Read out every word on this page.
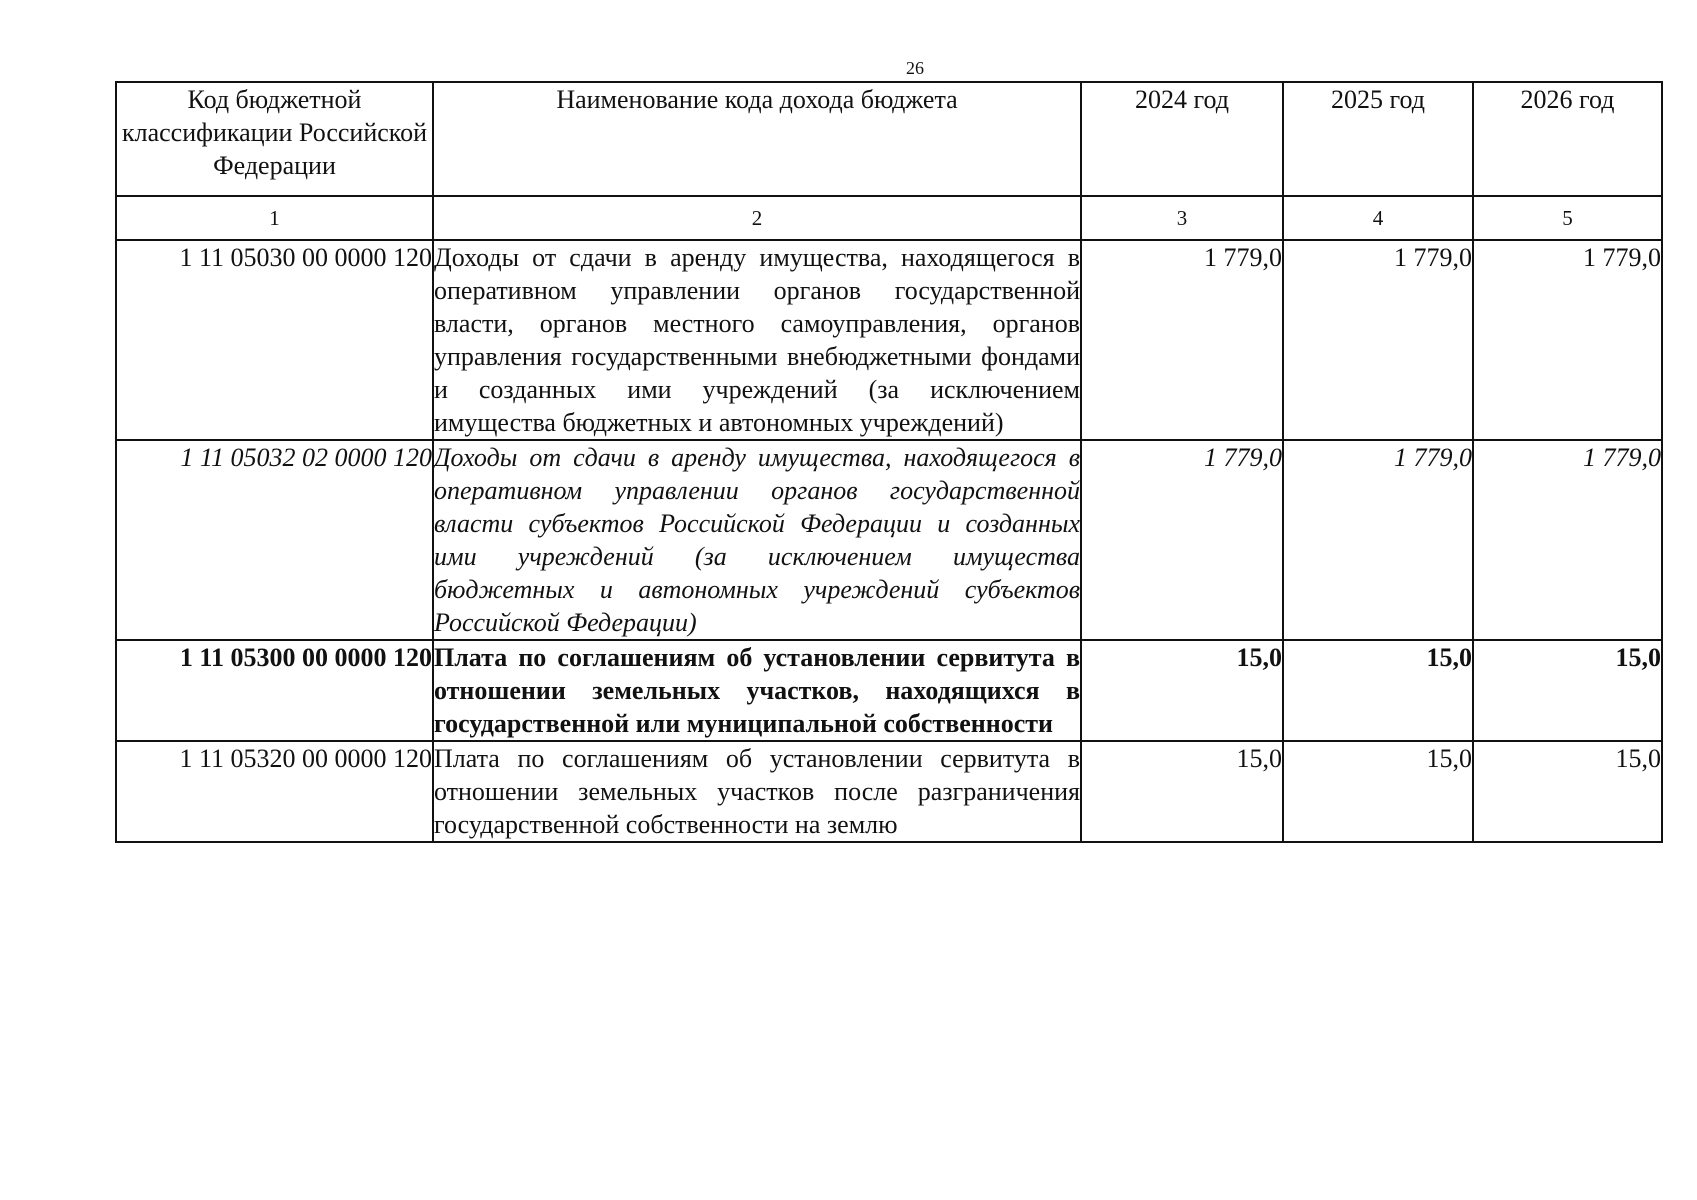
26
Код бюджетной классификации Российской Федерации	Наименование кода дохода бюджета	2024 год	2025 год	2026 год
1	2	3	4	5
1 11 05030 00 0000 120	Доходы от сдачи в аренду имущества, находящегося в оперативном управлении органов государственной власти, органов местного самоуправления, органов управления государственными внебюджетными фондами и созданных ими учреждений (за исключением имущества бюджетных и автономных учреждений)	1 779,0	1 779,0	1 779,0
1 11 05032 02 0000 120	Доходы от сдачи в аренду имущества, находящегося в оперативном управлении органов государственной власти субъектов Российской Федерации и созданных ими учреждений (за исключением имущества бюджетных и автономных учреждений субъектов Российской Федерации)	1 779,0	1 779,0	1 779,0
1 11 05300 00 0000 120	Плата по соглашениям об установлении сервитута в отношении земельных участков, находящихся в государственной или муниципальной собственности	15,0	15,0	15,0
1 11 05320 00 0000 120	Плата по соглашениям об установлении сервитута в отношении земельных участков после разграничения государственной собственности на землю	15,0	15,0	15,0
